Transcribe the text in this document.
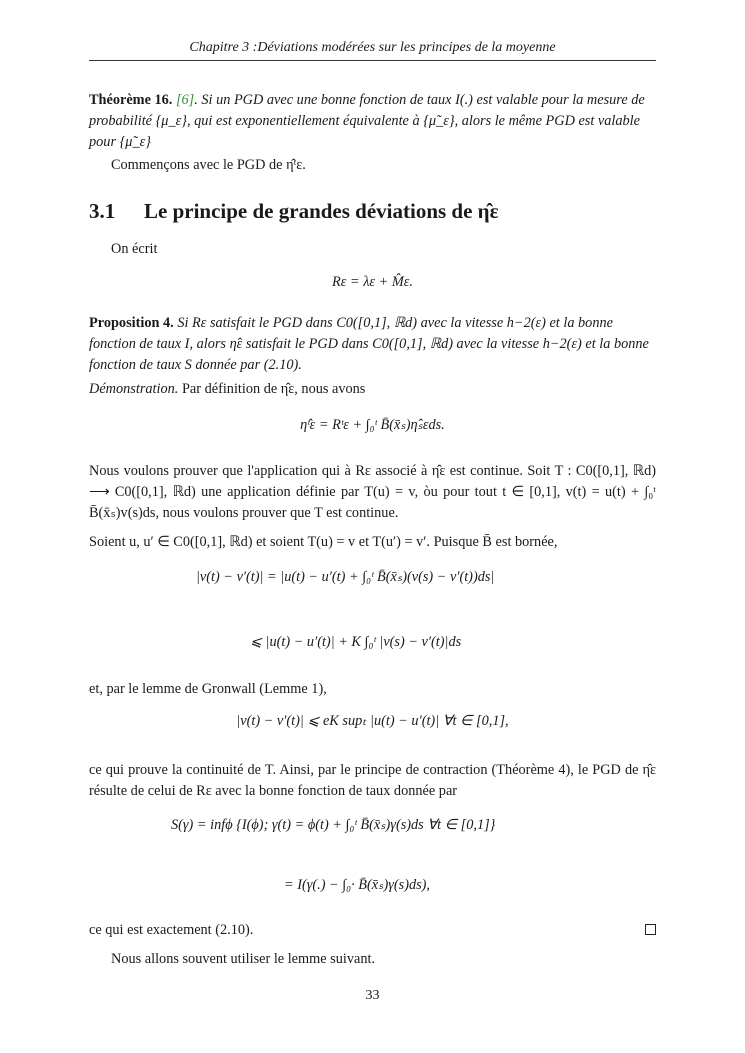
Chapitre 3 :Déviations modérées sur les principes de la moyenne
Théorème 16. [6]. Si un PGD avec une bonne fonction de taux I(.) est valable pour la mesure de probabilité {μ_ε}, qui est exponentiellement équivalente à {μ̃_ε}, alors le même PGD est valable pour {μ̃_ε}
Commençons avec le PGD de η̂ᵗε.
3.1 Le principe de grandes déviations de η̂ε
On écrit
Rε = λε + M̂ε.
Proposition 4. Si Rε satisfait le PGD dans C0([0,1], ℝd) avec la vitesse h−2(ε) et la bonne fonction de taux I, alors η̂ε satisfait le PGD dans C0([0,1], ℝd) avec la vitesse h−2(ε) et la bonne fonction de taux S donnée par (2.10).
Démonstration. Par définition de η̂ε, nous avons
η̂ᵗε = Rᵗε + ∫₀ᵗ B̄(x̄ₛ)η̂ₛεds.
Nous voulons prouver que l'application qui à Rε associé à η̂ε est continue. Soit T : C0([0,1], ℝd) ⟶ C0([0,1], ℝd) une application définie par T(u) = v, òu pour tout t ∈ [0,1], v(t) = u(t) + ∫₀ᵗ B̄(x̄ₛ)v(s)ds, nous voulons prouver que T est continue.
Soient u, u′ ∈ C0([0,1], ℝd) et soient T(u) = v et T(u′) = v′. Puisque B̄ est bornée,
|v(t) − v′(t)| = |u(t) − u′(t) + ∫₀ᵗ B̄(x̄ₛ)(v(s) − v′(t))ds|
⩽ |u(t) − u′(t)| + K ∫₀ᵗ |v(s) − v′(t)|ds
et, par le lemme de Gronwall (Lemme 1),
|v(t) − v′(t)| ⩽ eK supₜ |u(t) − u′(t)| ∀t ∈ [0,1],
ce qui prouve la continuité de T. Ainsi, par le principe de contraction (Théorème 4), le PGD de η̂ε résulte de celui de Rε avec la bonne fonction de taux donnée par
S(γ) = infϕ {I(ϕ); γ(t) = ϕ(t) + ∫₀ᵗ B̄(x̄ₛ)γ(s)ds ∀t ∈ [0,1]}
= I(γ(.) − ∫₀· B̄(x̄ₛ)γ(s)ds),
ce qui est exactement (2.10).
Nous allons souvent utiliser le lemme suivant.
33
